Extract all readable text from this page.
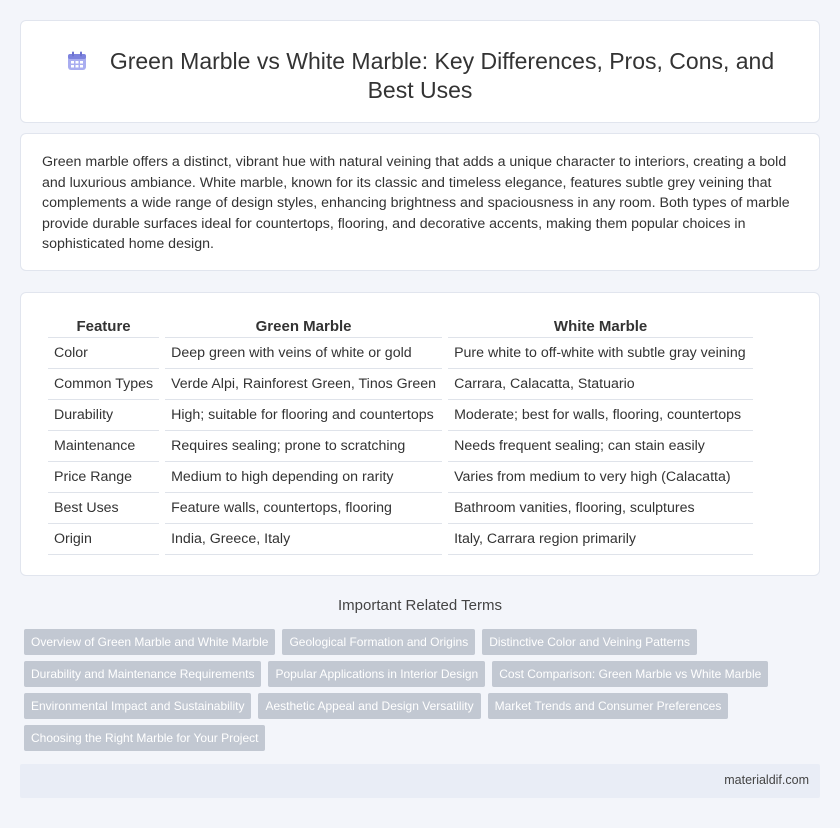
Green Marble vs White Marble: Key Differences, Pros, Cons, and Best Uses

Green marble offers a distinct, vibrant hue with natural veining that adds a unique character to interiors, creating a bold and luxurious ambiance. White marble, known for its classic and timeless elegance, features subtle grey veining that complements a wide range of design styles, enhancing brightness and spaciousness in any room. Both types of marble provide durable surfaces ideal for countertops, flooring, and decorative accents, making them popular choices in sophisticated home design.

Feature	Green Marble	White Marble
Color	Deep green with veins of white or gold	Pure white to off-white with subtle gray veining
Common Types	Verde Alpi, Rainforest Green, Tinos Green	Carrara, Calacatta, Statuario
Durability	High; suitable for flooring and countertops	Moderate; best for walls, flooring, countertops
Maintenance	Requires sealing; prone to scratching	Needs frequent sealing; can stain easily
Price Range	Medium to high depending on rarity	Varies from medium to very high (Calacatta)
Best Uses	Feature walls, countertops, flooring	Bathroom vanities, flooring, sculptures
Origin	India, Greece, Italy	Italy, Carrara region primarily
Important Related Terms
Overview of Green Marble and White Marble	Geological Formation and Origins	Distinctive Color and Veining Patterns
Durability and Maintenance Requirements	Popular Applications in Interior Design	Cost Comparison: Green Marble vs White Marble
Environmental Impact and Sustainability	Aesthetic Appeal and Design Versatility	Market Trends and Consumer Preferences
Choosing the Right Marble for Your Project
materialdif.com
